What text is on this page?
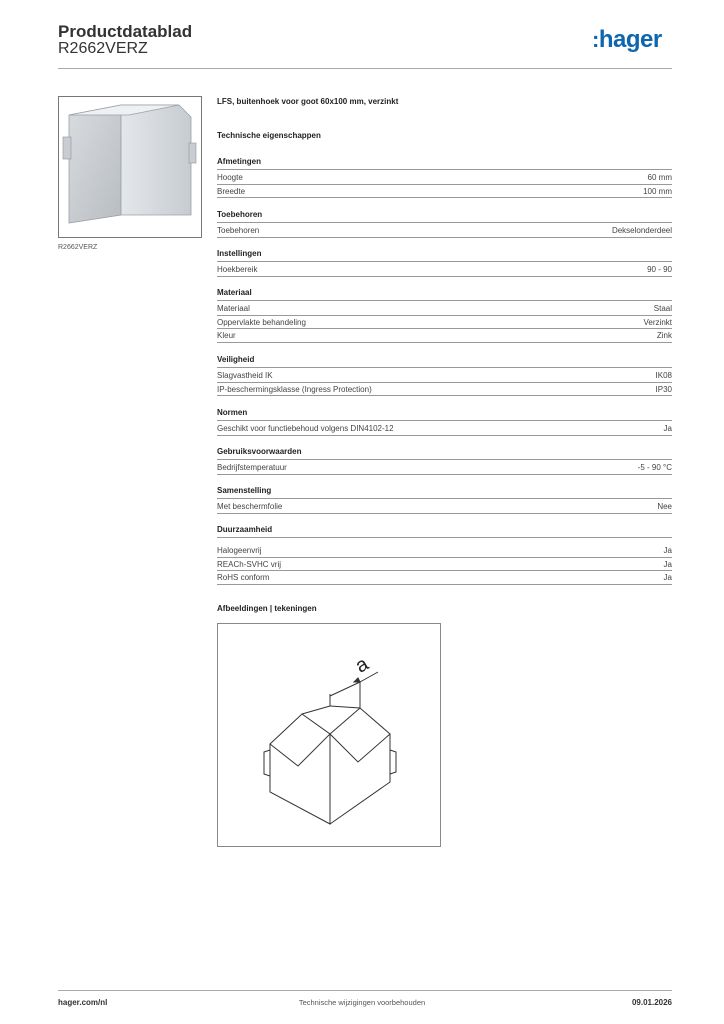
Productdatablad
R2662VERZ	:hager
R2662VERZ
LFS, buitenhoek voor goot 60x100 mm, verzinkt
Technische eigenschappen
Afmetingen
Hoogte	60 mm
Breedte	100 mm
Toebehoren
Toebehoren	Dekselonderdeel
Instellingen
Hoekbereik	90 - 90
Materiaal
Materiaal	Staal
Oppervlakte behandeling	Verzinkt
Kleur	Zink
Veiligheid
Slagvastheid IK	IK08
IP-beschermingsklasse (Ingress Protection)	IP30
Normen
Geschikt voor functiebehoud volgens DIN4102-12	Ja
Gebruiksvoorwaarden
Bedrijfstemperatuur	-5 - 90 °C
Samenstelling
Met beschermfolie	Nee
Duurzaamheid
Halogeenvrij	Ja
REACh-SVHC vrij	Ja
RoHS conform	Ja
Afbeeldingen | tekeningen
a
hager.com/nl	Technische wijzigingen voorbehouden	09.01.2026
